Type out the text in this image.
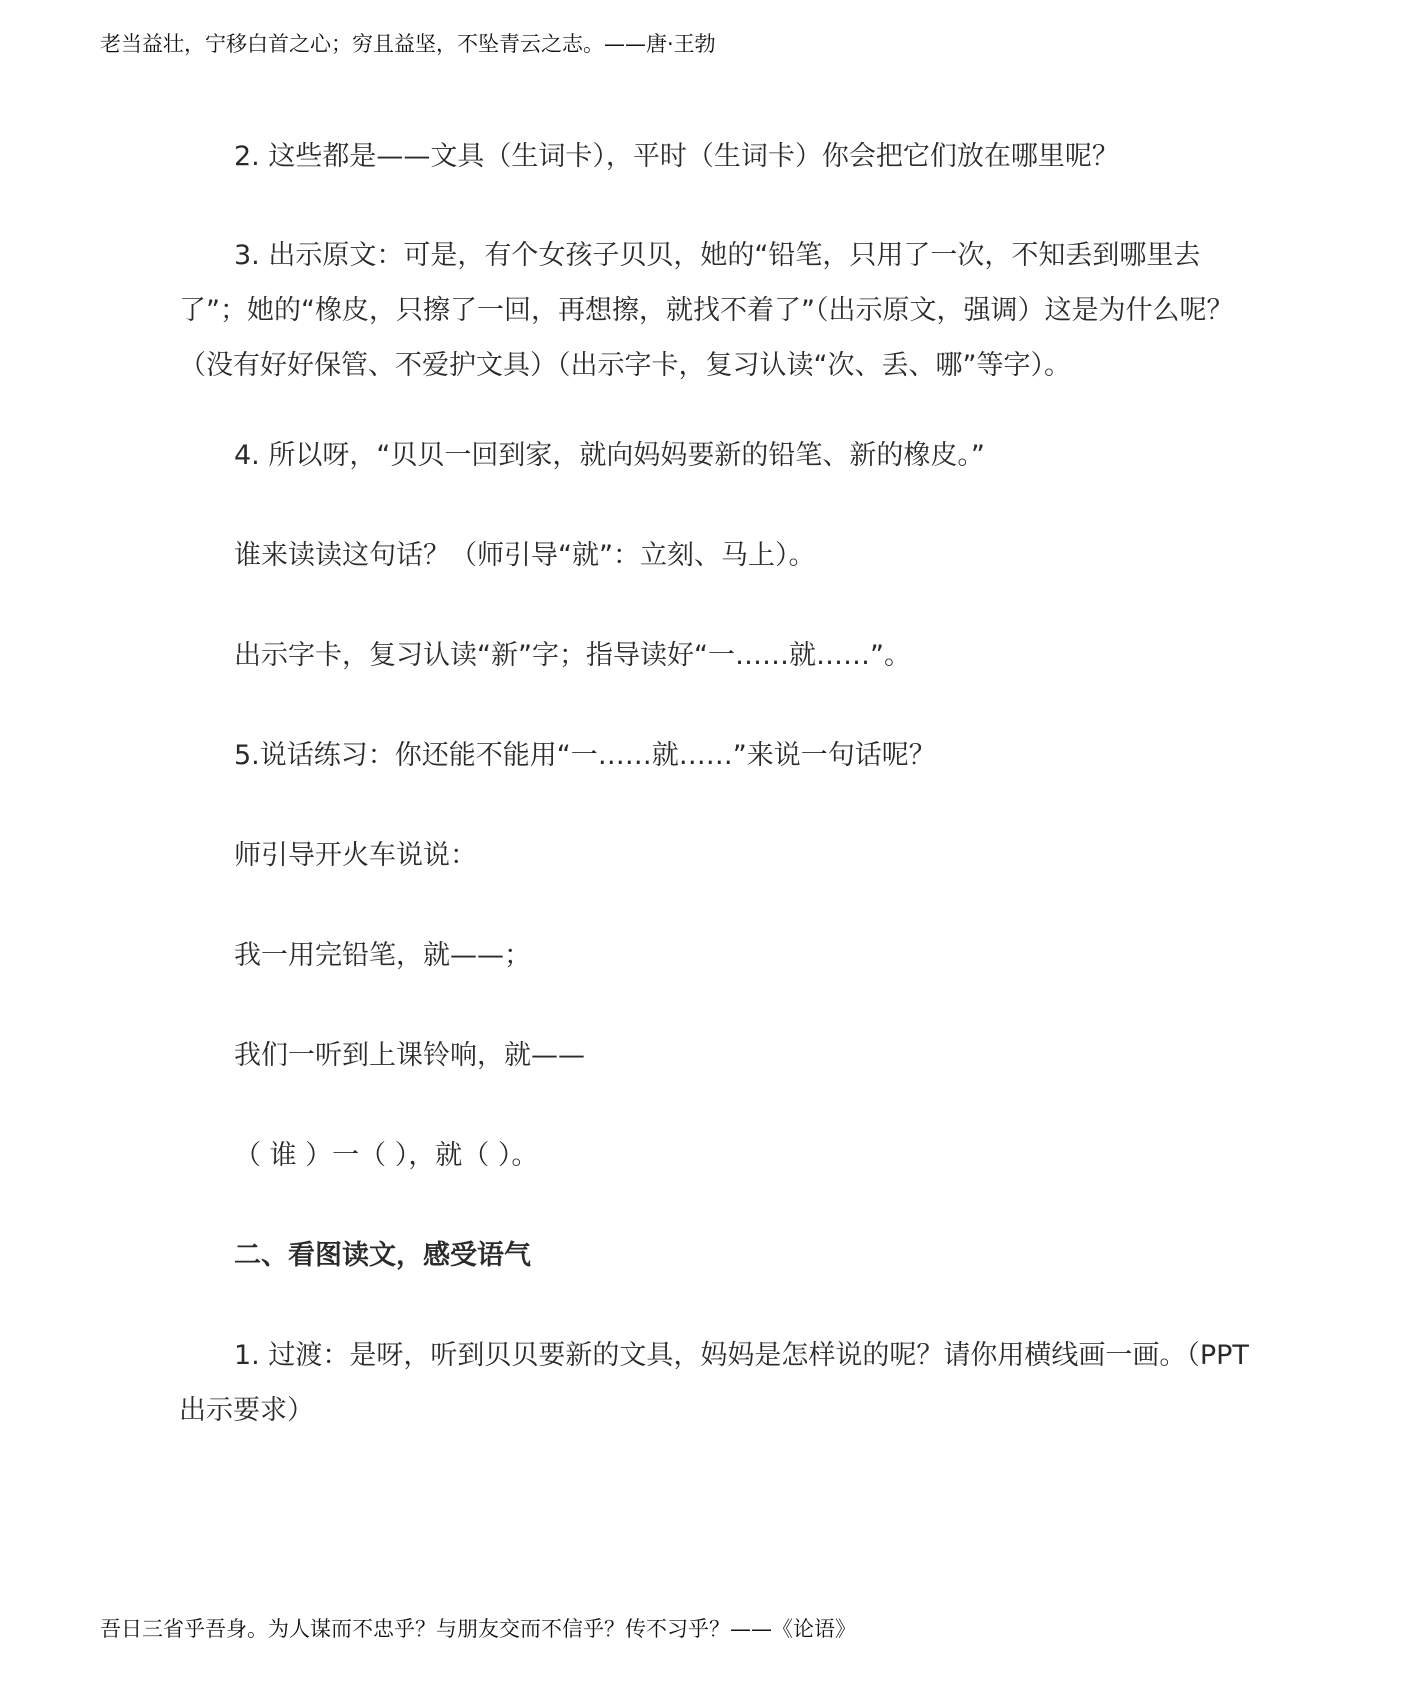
老当益壮，宁移白首之心；穷且益坚，不坠青云之志。——唐·王勃

2. 这些都是——文具（生词卡），平时（生词卡）你会把它们放在哪里呢？

3. 出示原文：可是，有个女孩子贝贝，她的“铅笔，只用了一次，不知丢到哪里去了”；她的“橡皮，只擦了一回，再想擦，就找不着了”（出示原文，强调）这是为什么呢？（没有好好保管、不爱护文具）（出示字卡，复习认读“次、丢、哪”等字）。

4. 所以呀，“贝贝一回到家，就向妈妈要新的铅笔、新的橡皮。”

谁来读读这句话？（师引导“就”：立刻、马上）。

出示字卡，复习认读“新”字；指导读好“一……就……”。

5.说话练习：你还能不能用“一……就……”来说一句话呢？

师引导开火车说说：

我一用完铅笔，就——；

我们一听到上课铃响，就——

（ 谁 ）一（ ），就（ ）。

二、看图读文，感受语气

1. 过渡：是呀，听到贝贝要新的文具，妈妈是怎样说的呢？请你用横线画一画。（PPT出示要求）

吾日三省乎吾身。为人谋而不忠乎？与朋友交而不信乎？传不习乎？——《论语》
